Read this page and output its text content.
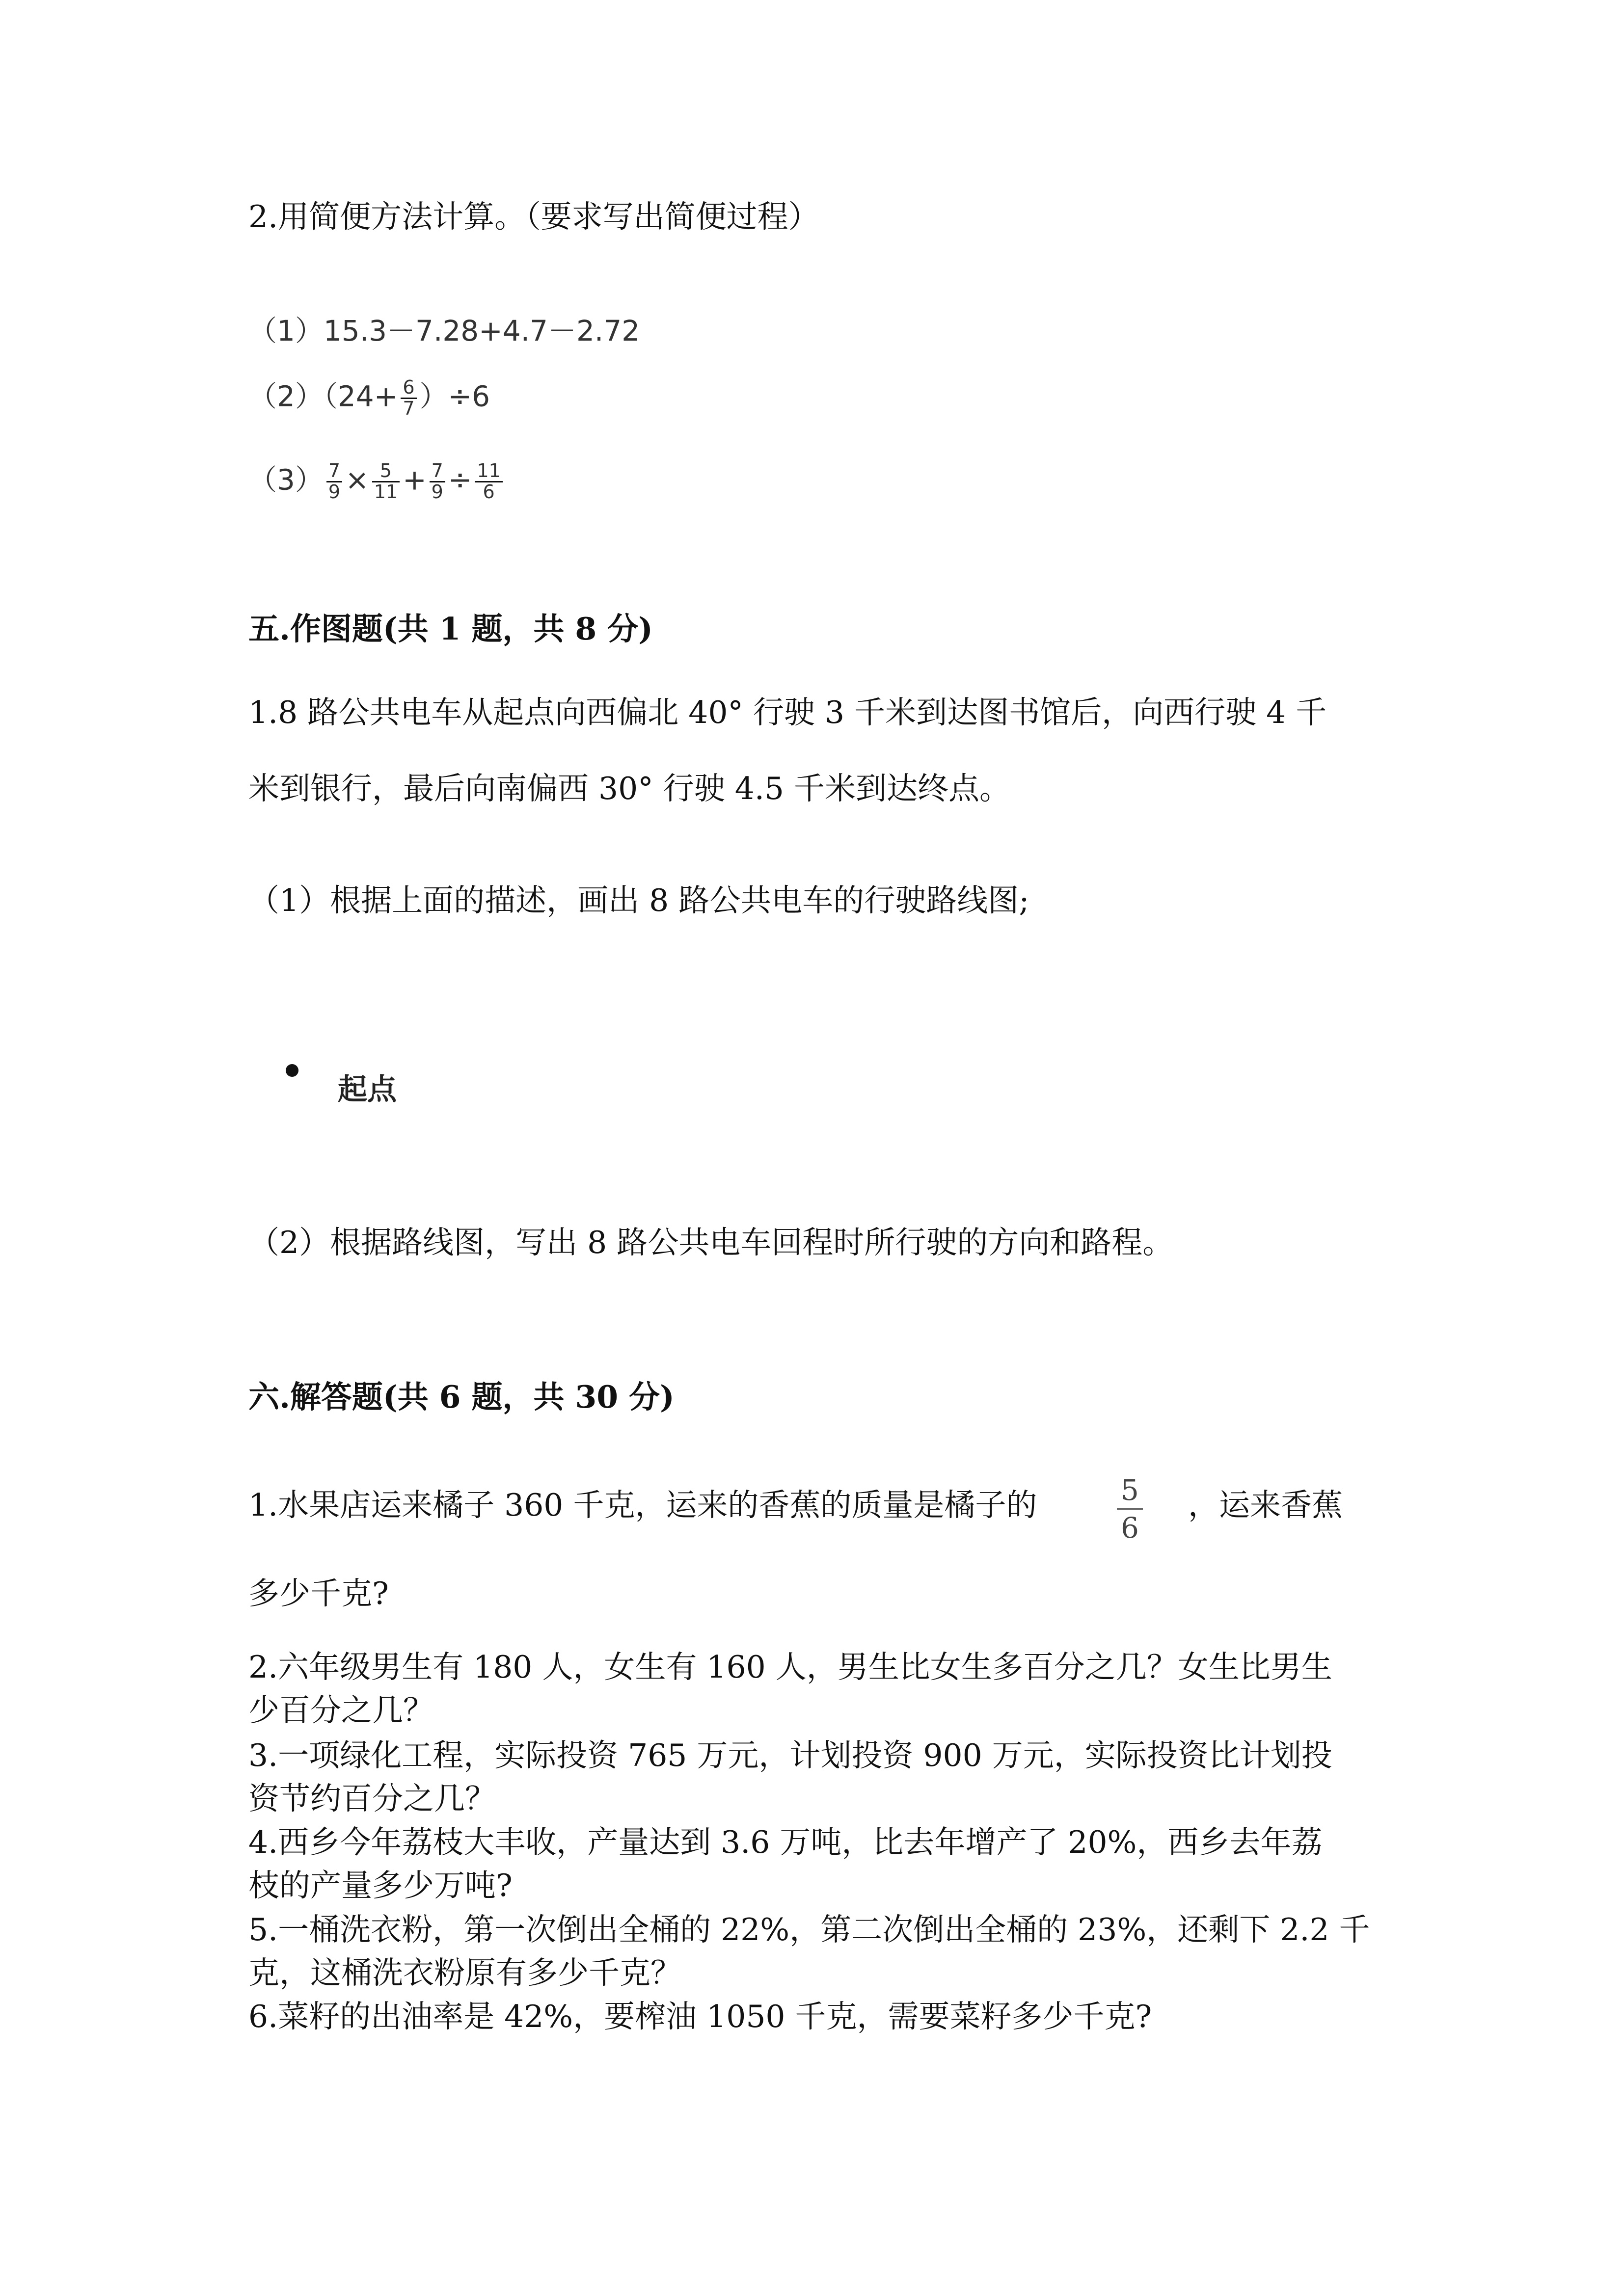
2.用简便方法计算。（要求写出简便过程）
（1）15.3－7.28+4.7－2.72
$(2)(24+ \frac{6}{7} )\div 6$
$(3) \frac{7}{9} \times \frac{5}{11} + \frac{7}{9} \div \frac{11}{6}$
五.作图题(共 1 题，共 8 分)
1.8 路公共电车从起点向西偏北 40° 行驶 3 千米到达图书馆后，向西行驶 4 千
米到银行，最后向南偏西 30° 行驶 4.5 千米到达终点。
（1）根据上面的描述，画出 8 路公共电车的行驶路线图;
起点
（2）根据路线图，写出 8 路公共电车回程时所行驶的方向和路程。
六.解答题(共 6 题，共 30 分)
1.水果店运来橘子 360 千克，运来的香蕉的质量是橘子的	5
6
，运来香蕉
多少千克?
2.六年级男生有 180 人，女生有 160 人，男生比女生多百分之几？女生比男生
少百分之几？
3.一项绿化工程，实际投资 765 万元，计划投资 900 万元，实际投资比计划投
资节约百分之几？
4.西乡今年荔枝大丰收，产量达到 3.6 万吨，比去年增产了 20%，西乡去年荔
枝的产量多少万吨?
5.一桶洗衣粉，第一次倒出全桶的 22%，第二次倒出全桶的 23%，还剩下 2.2 千
克，这桶洗衣粉原有多少千克？
6.菜籽的出油率是 42%，要榨油 1050 千克，需要菜籽多少千克?
